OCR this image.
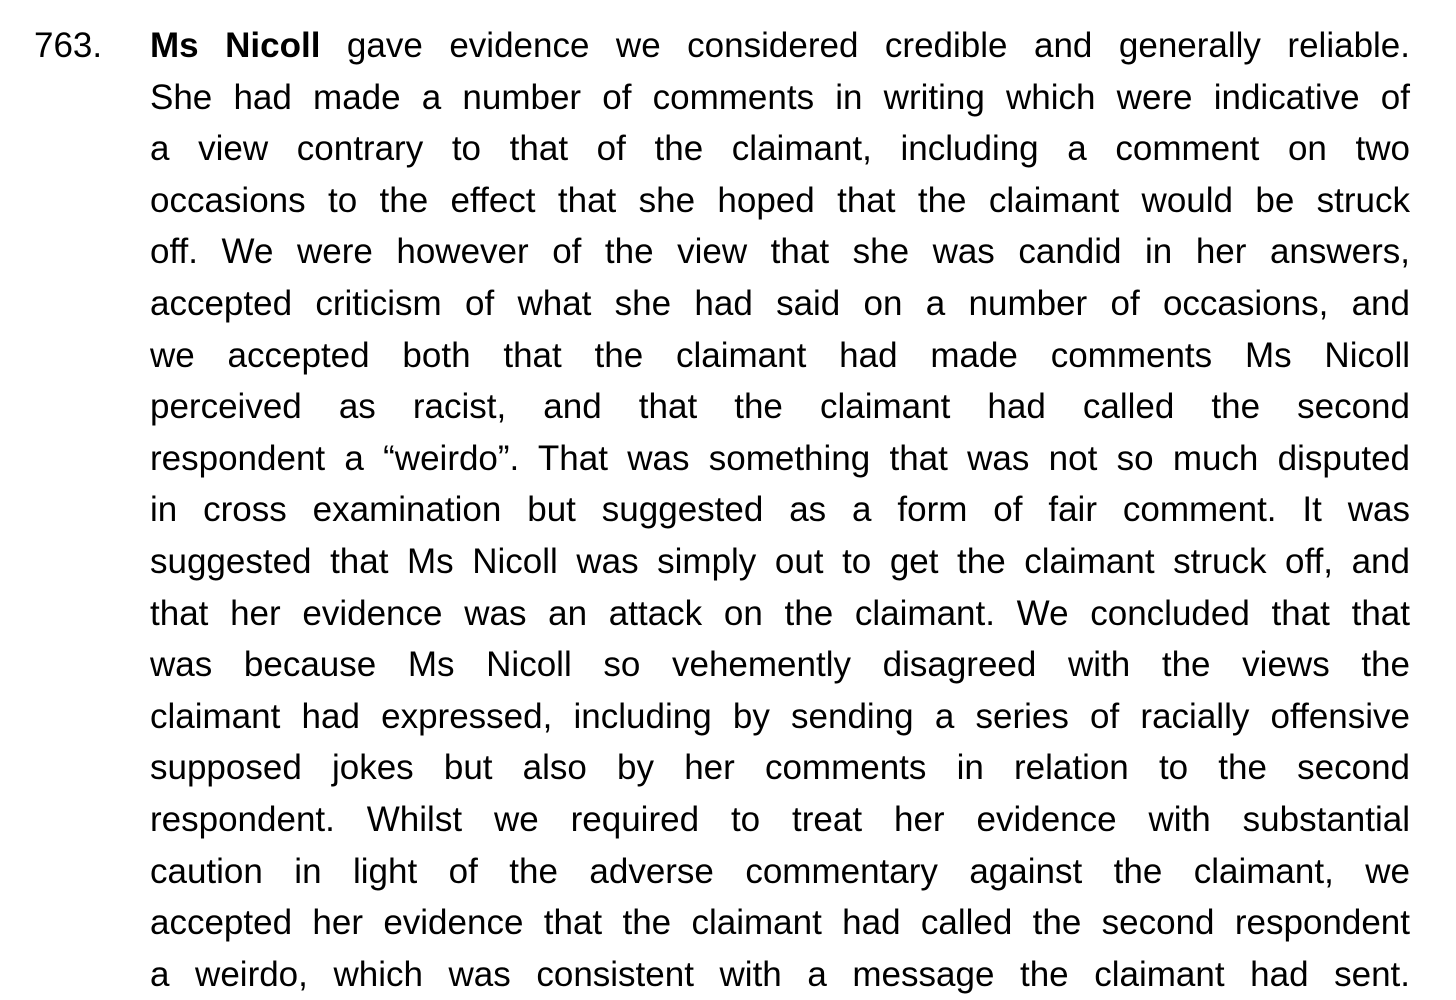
763. Ms Nicoll gave evidence we considered credible and generally reliable.
She had made a number of comments in writing which were indicative of
a view contrary to that of the claimant, including a comment on two
occasions to the effect that she hoped that the claimant would be struck
off. We were however of the view that she was candid in her answers,
accepted criticism of what she had said on a number of occasions, and
we accepted both that the claimant had made comments Ms Nicoll
perceived as racist, and that the claimant had called the second
respondent a “weirdo”. That was something that was not so much disputed
in cross examination but suggested as a form of fair comment. It was
suggested that Ms Nicoll was simply out to get the claimant struck off, and
that her evidence was an attack on the claimant. We concluded that that
was because Ms Nicoll so vehemently disagreed with the views the
claimant had expressed, including by sending a series of racially offensive
supposed jokes but also by her comments in relation to the second
respondent. Whilst we required to treat her evidence with substantial
caution in light of the adverse commentary against the claimant, we
accepted her evidence that the claimant had called the second respondent
a weirdo, which was consistent with a message the claimant had sent.
